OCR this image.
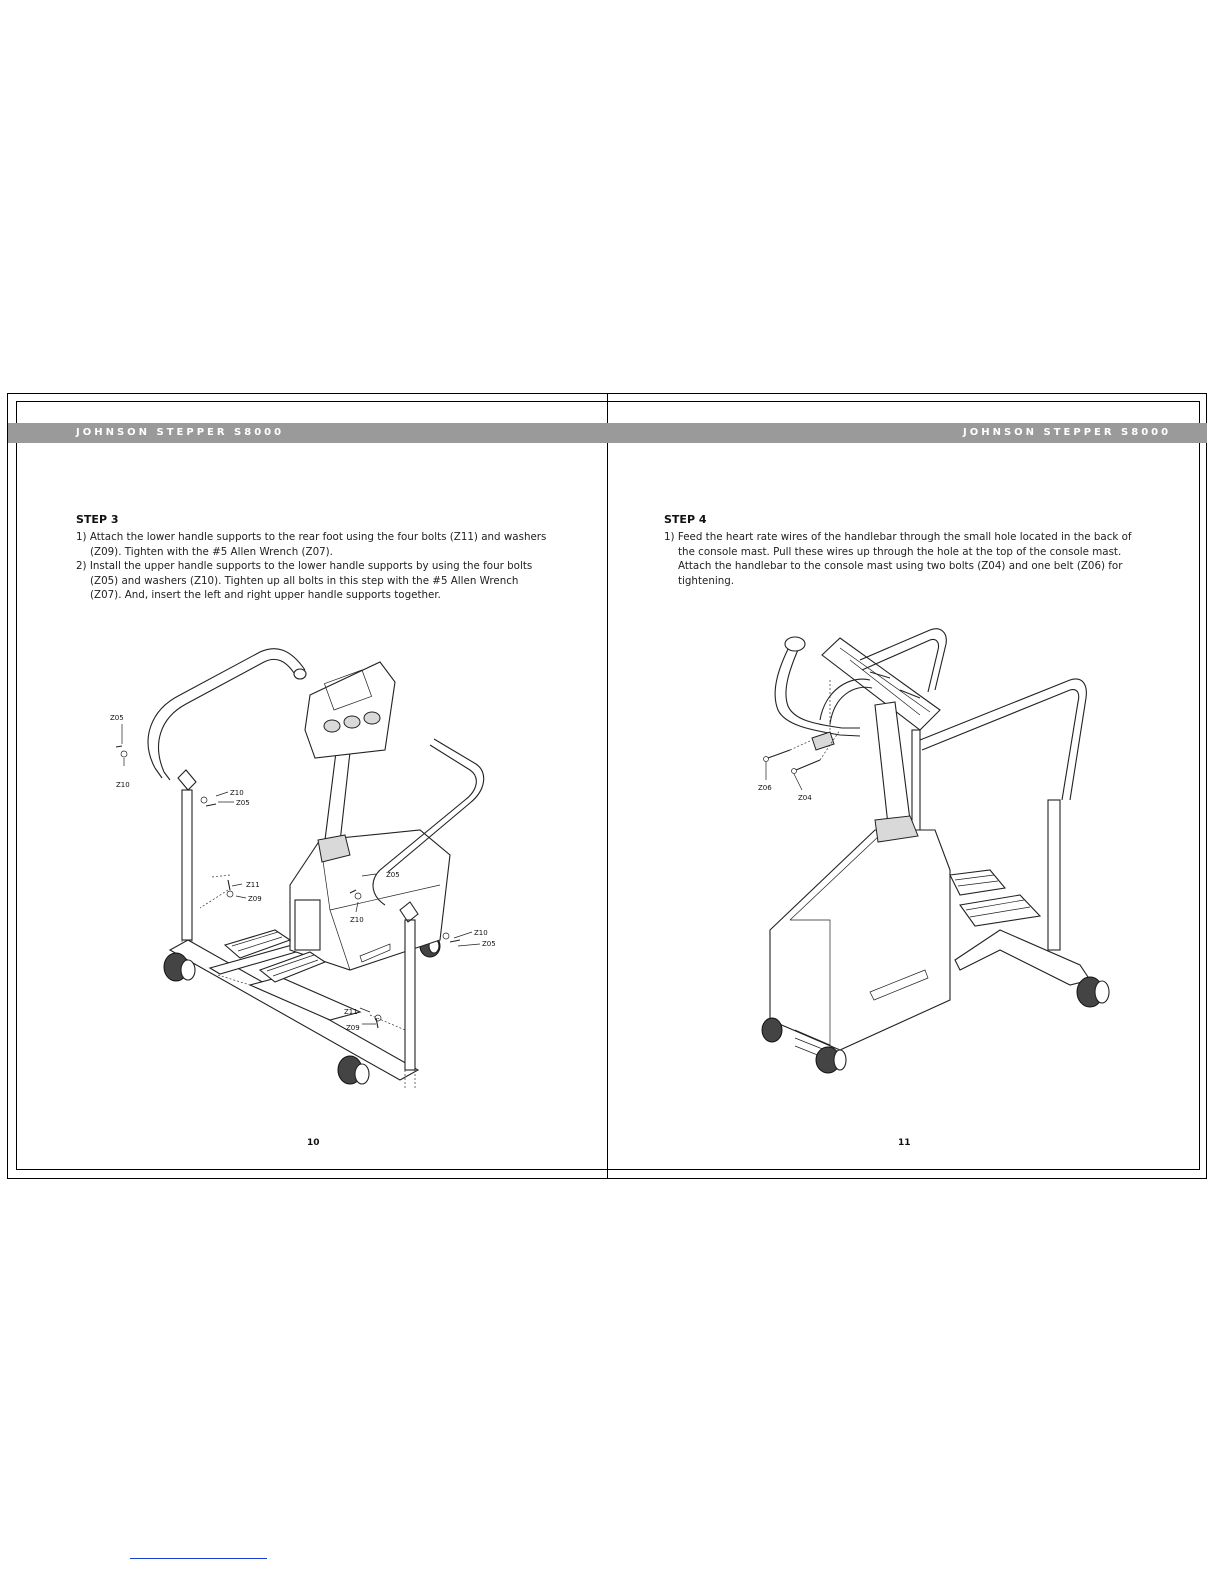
JOHNSON STEPPER S8000	JOHNSON STEPPER S8000
STEP 3

1) Attach the lower handle supports to the rear foot using the four bolts (Z11) and washers (Z09). Tighten with the #5 Allen Wrench (Z07).

2) Install the upper handle supports to the lower handle supports by using the four bolts (Z05) and washers (Z10). Tighten up all bolts in this step with the #5 Allen Wrench (Z07). And, insert the left and right upper handle supports together.

Z05
Z10
Z10
Z05
Z11
Z09
Z05
Z10
Z10
Z05
Z11
Z09
10
STEP 4

1) Feed the heart rate wires of the handlebar through the small hole located in the back of the console mast. Pull these wires up through the hole at the top of the console mast. Attach the handlebar to the console mast using two bolts (Z04) and one belt (Z06) for tightening.

Z06
Z04
11
